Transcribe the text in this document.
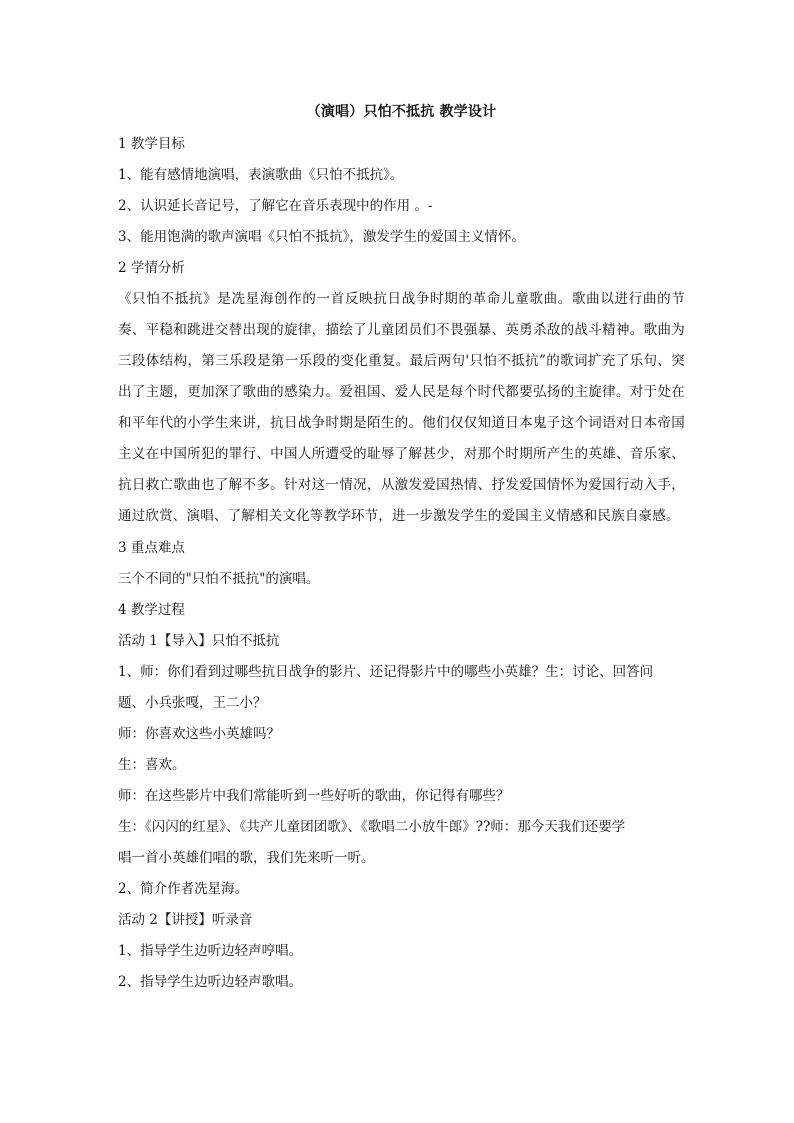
（演唱）只怕不抵抗 教学设计
1 教学目标
1、能有感情地演唱，表演歌曲《只怕不抵抗》。
2、认识延长音记号，了解它在音乐表现中的作用 。-
3、能用饱满的歌声演唱《只怕不抵抗》，激发学生的爱国主义情怀。
2 学情分析
《只怕不抵抗》是冼星海创作的一首反映抗日战争时期的革命儿童歌曲。歌曲以进行曲的节奏、平稳和跳进交替出现的旋律，描绘了儿童团员们不畏强暴、英勇杀敌的战斗精神。歌曲为三段体结构，第三乐段是第一乐段的变化重复。最后两句'只怕不抵抗”的歌词扩充了乐句、突出了主题，更加深了歌曲的感染力。爱祖国、爱人民是每个时代都要弘扬的主旋律。对于处在和平年代的小学生来讲，抗日战争时期是陌生的。他们仅仅知道日本鬼子这个词语对日本帝国主义在中国所犯的罪行、中国人所遭受的耻辱了解甚少，对那个时期所产生的英雄、音乐家、抗日救亡歌曲也了解不多。针对这一情况，从激发爱国热情、抒发爱国情怀为爱国行动入手，通过欣赏、演唱、了解相关文化等教学环节，进一步激发学生的爱国主义情感和民族自豪感。
3 重点难点
三个不同的"只怕不抵抗"的演唱。
4 教学过程
活动 1【导入】只怕不抵抗
1、师：你们看到过哪些抗日战争的影片、还记得影片中的哪些小英雄？生：讨论、回答问
题、小兵张嘎，王二小？
师：你喜欢这些小英雄吗？
生：喜欢。
师：在这些影片中我们常能听到一些好听的歌曲，你记得有哪些？
生：《闪闪的红星》、《共产儿童团团歌》、《歌唱二小放牛郎》??师：那今天我们还要学
唱一首小英雄们唱的歌，我们先来听一听。
2、简介作者冼星海。
活动 2【讲授】听录音
1、指导学生边听边轻声哼唱。
2、指导学生边听边轻声歌唱。
